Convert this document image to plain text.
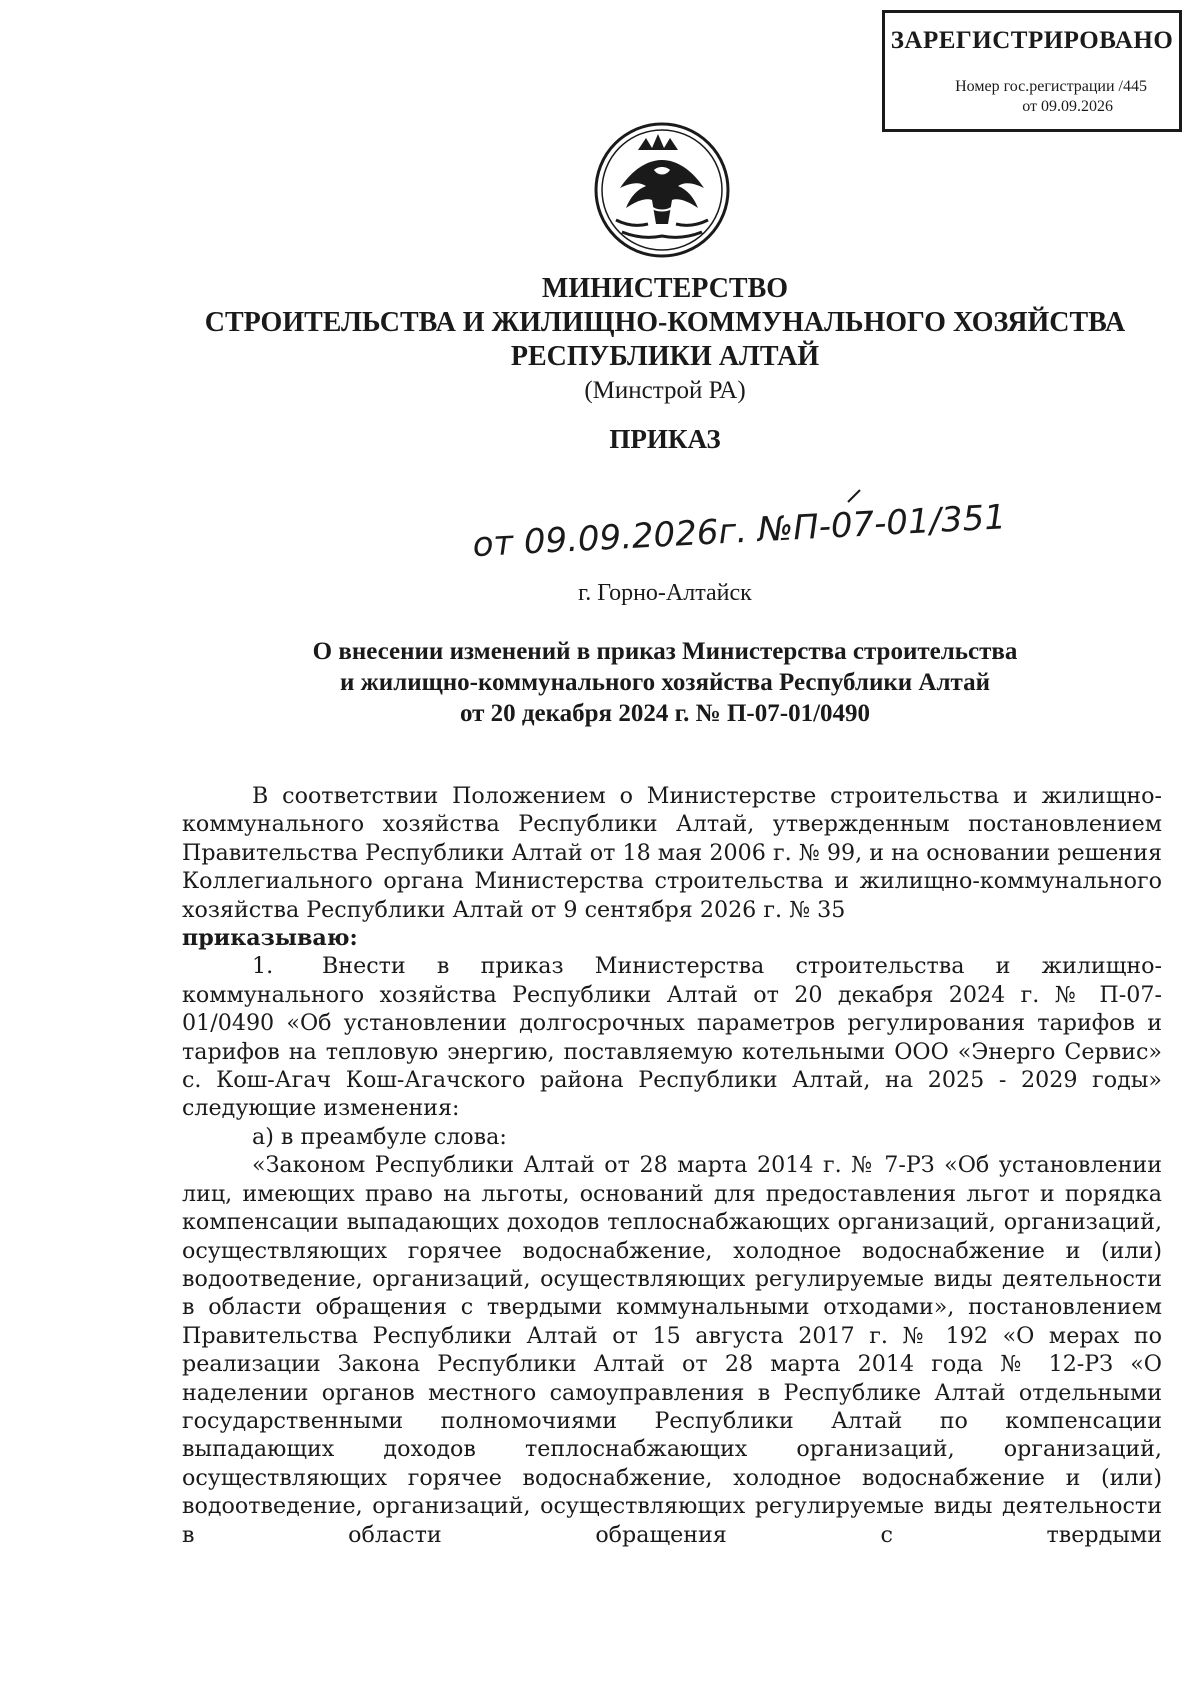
ЗАРЕГИСТРИРОВАНО
Номер гос.регистрации /445
от 09.09.2026
МИНИСТЕРСТВО
СТРОИТЕЛЬСТВА И ЖИЛИЩНО-КОММУНАЛЬНОГО ХОЗЯЙСТВА
РЕСПУБЛИКИ АЛТАЙ
(Минстрой РА)
ПРИКАЗ
от 09.09.2026г. №П-07-01/351
г. Горно-Алтайск
О внесении изменений в приказ Министерства строительства
и жилищно-коммунального хозяйства Республики Алтай
от 20 декабря 2024 г. № П-07-01/0490

В соответствии Положением о Министерстве строительства и жилищно-коммунального хозяйства Республики Алтай, утвержденным постановлением Правительства Республики Алтай от 18 мая 2006 г. № 99, и на основании решения Коллегиального органа Министерства строительства и жилищно-коммунального хозяйства Республики Алтай от 9 сентября 2026 г. № 35

приказываю:

1. Внести в приказ Министерства строительства и жилищно-коммунального хозяйства Республики Алтай от 20 декабря 2024 г. № П-07-01/0490 «Об установлении долгосрочных параметров регулирования тарифов и тарифов на тепловую энергию, поставляемую котельными ООО «Энерго Сервис» с. Кош-Агач Кош-Агачского района Республики Алтай, на 2025 - 2029 годы» следующие изменения:

а) в преамбуле слова:

«Законом Республики Алтай от 28 марта 2014 г. № 7-РЗ «Об установлении лиц, имеющих право на льготы, оснований для предоставления льгот и порядка компенсации выпадающих доходов теплоснабжающих организаций, организаций, осуществляющих горячее водоснабжение, холодное водоснабжение и (или) водоотведение, организаций, осуществляющих регулируемые виды деятельности в области обращения с твердыми коммунальными отходами», постановлением Правительства Республики Алтай от 15 августа 2017 г. № 192 «О мерах по реализации Закона Республики Алтай от 28 марта 2014 года № 12-РЗ «О наделении органов местного самоуправления в Республике Алтай отдельными государственными полномочиями Республики Алтай по компенсации выпадающих доходов теплоснабжающих организаций, организаций, осуществляющих горячее водоснабжение, холодное водоснабжение и (или) водоотведение, организаций, осуществляющих регулируемые виды деятельности в области обращения с твердыми
